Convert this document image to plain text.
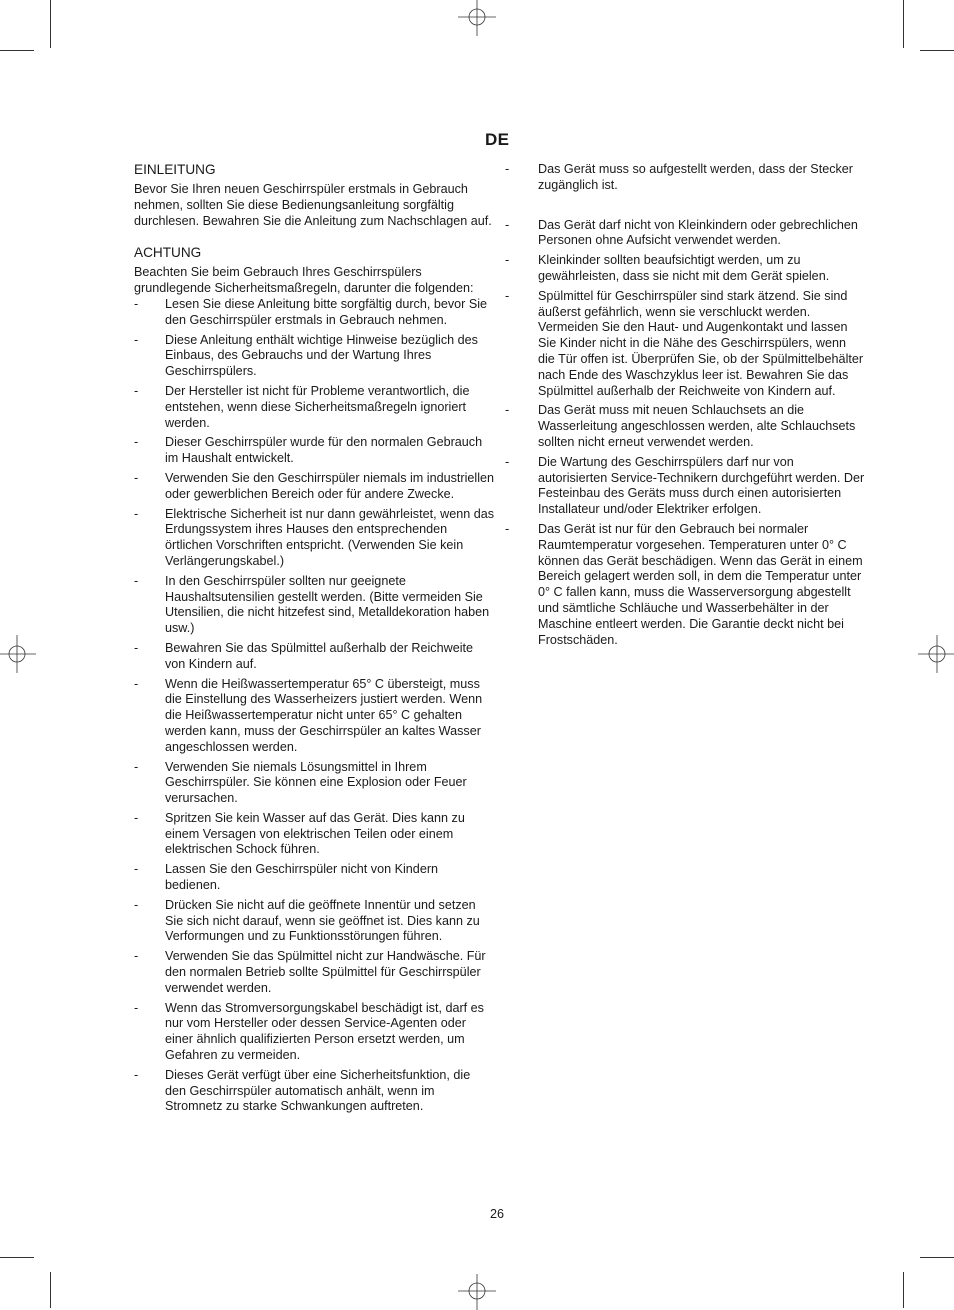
DE
EINLEITUNG

Bevor Sie Ihren neuen Geschirrspüler erstmals in Gebrauch nehmen, sollten Sie diese Bedienungsanleitung sorgfältig durchlesen. Bewahren Sie die Anleitung zum Nachschlagen auf.

ACHTUNG

Beachten Sie beim Gebrauch Ihres Geschirrspülers grundlegende Sicherheitsmaßregeln, darunter die folgenden:

- Lesen Sie diese Anleitung bitte sorgfältig durch, bevor Sie den Geschirrspüler erstmals in Gebrauch nehmen.
- Diese Anleitung enthält wichtige Hinweise bezüglich des Einbaus, des Gebrauchs und der Wartung Ihres Geschirrspülers.
- Der Hersteller ist nicht für Probleme verantwortlich, die entstehen, wenn diese Sicherheitsmaßregeln ignoriert werden.
- Dieser Geschirrspüler wurde für den normalen Gebrauch im Haushalt entwickelt.
- Verwenden Sie den Geschirrspüler niemals im industriellen oder gewerblichen Bereich oder für andere Zwecke.
- Elektrische Sicherheit ist nur dann gewährleistet, wenn das Erdungssystem ihres Hauses den entsprechenden örtlichen Vorschriften entspricht. (Verwenden Sie kein Verlängerungskabel.)
- In den Geschirrspüler sollten nur geeignete Haushaltsutensilien gestellt werden. (Bitte vermeiden Sie Utensilien, die nicht hitzefest sind, Metalldekoration haben usw.)
- Bewahren Sie das Spülmittel außerhalb der Reichweite von Kindern auf.
- Wenn die Heißwassertemperatur 65° C übersteigt, muss die Einstellung des Wasserheizers justiert werden. Wenn die Heißwassertemperatur nicht unter 65° C gehalten werden kann, muss der Geschirrspüler an kaltes Wasser angeschlossen werden.
- Verwenden Sie niemals Lösungsmittel in Ihrem Geschirrspüler. Sie können eine Explosion oder Feuer verursachen.
- Spritzen Sie kein Wasser auf das Gerät. Dies kann zu einem Versagen von elektrischen Teilen oder einem elektrischen Schock führen.
- Lassen Sie den Geschirrspüler nicht von Kindern bedienen.
- Drücken Sie nicht auf die geöffnete Innentür und setzen Sie sich nicht darauf, wenn sie geöffnet ist. Dies kann zu Verformungen und zu Funktionsstörungen führen.
- Verwenden Sie das Spülmittel nicht zur Handwäsche. Für den normalen Betrieb sollte Spülmittel für Geschirrspüler verwendet werden.
- Wenn das Stromversorgungskabel beschädigt ist, darf es nur vom Hersteller oder dessen Service-Agenten oder einer ähnlich qualifizierten Person ersetzt werden, um Gefahren zu vermeiden.
- Dieses Gerät verfügt über eine Sicherheitsfunktion, die den Geschirrspüler automatisch anhält, wenn im Stromnetz zu starke Schwankungen auftreten.
- Das Gerät muss so aufgestellt werden, dass der Stecker zugänglich ist.
- Das Gerät darf nicht von Kleinkindern oder gebrechlichen Personen ohne Aufsicht verwendet werden.
- Kleinkinder sollten beaufsichtigt werden, um zu gewährleisten, dass sie nicht mit dem Gerät spielen.
- Spülmittel für Geschirrspüler sind stark ätzend. Sie sind äußerst gefährlich, wenn sie verschluckt werden. Vermeiden Sie den Haut- und Augenkontakt und lassen Sie Kinder nicht in die Nähe des Geschirrspülers, wenn die Tür offen ist. Überprüfen Sie, ob der Spülmittelbehälter nach Ende des Waschzyklus leer ist. Bewahren Sie das Spülmittel außerhalb der Reichweite von Kindern auf.
- Das Gerät muss mit neuen Schlauchsets an die Wasserleitung angeschlossen werden, alte Schlauchsets sollten nicht erneut verwendet werden.
- Die Wartung des Geschirrspülers darf nur von autorisierten Service-Technikern durchgeführt werden. Der Festeinbau des Geräts muss durch einen autorisierten Installateur und/oder Elektriker erfolgen.
- Das Gerät ist nur für den Gebrauch bei normaler Raumtemperatur vorgesehen. Temperaturen unter 0° C können das Gerät beschädigen. Wenn das Gerät in einem Bereich gelagert werden soll, in dem die Temperatur unter 0° C fallen kann, muss die Wasserversorgung abgestellt und sämtliche Schläuche und Wasserbehälter in der Maschine entleert werden. Die Garantie deckt nicht bei Frostschäden.
26
